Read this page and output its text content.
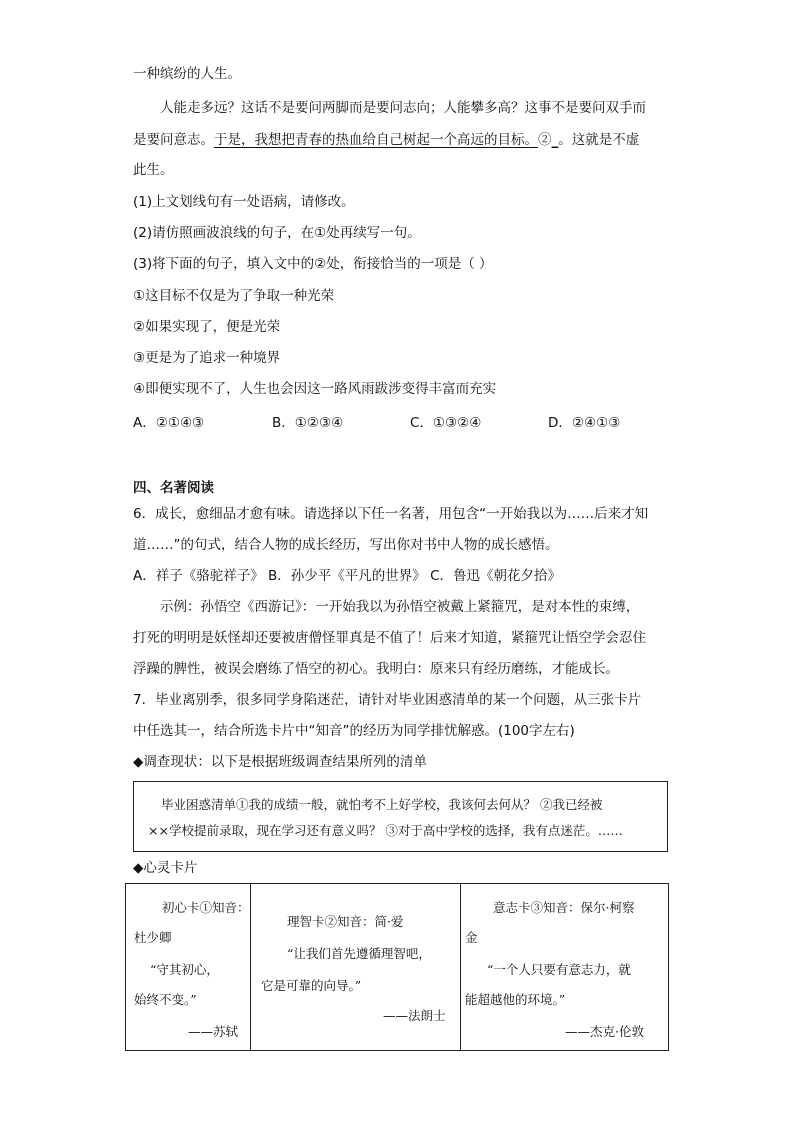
一种缤纷的人生。
人能走多远？这话不是要问两脚而是要问志向；人能攀多高？这事不是要问双手而
是要问意志。于是，我想把青春的热血给自己树起一个高远的目标。②_。这就是不虚
此生。
(1)上文划线句有一处语病，请修改。
(2)请仿照画波浪线的句子，在①处再续写一句。
(3)将下面的句子，填入文中的②处，衔接恰当的一项是（ ）
①这目标不仅是为了争取一种光荣
②如果实现了，便是光荣
③更是为了追求一种境界
④即便实现不了，人生也会因这一路风雨跋涉变得丰富而充实
A．②①④③	B．①②③④	C．①③②④	D．②④①③
四、名著阅读
6．成长，愈细品才愈有味。请选择以下任一名著，用包含“一开始我以为……后来才知
道……”的句式，结合人物的成长经历，写出你对书中人物的成长感悟。
A．祥子《骆驼祥子》 B．孙少平《平凡的世界》 C．鲁迅《朝花夕拾》
示例：孙悟空《西游记》：一开始我以为孙悟空被戴上紧箍咒，是对本性的束缚，
打死的明明是妖怪却还要被唐僧怪罪真是不值了！后来才知道，紧箍咒让悟空学会忍住
浮躁的脾性，被误会磨练了悟空的初心。我明白：原来只有经历磨练，才能成长。
7．毕业离别季，很多同学身陷迷茫，请针对毕业困惑清单的某一个问题，从三张卡片
中任选其一，结合所选卡片中“知音”的经历为同学排忧解惑。(100字左右)
◆调查现状：以下是根据班级调查结果所列的清单
毕业困惑清单①我的成绩一般，就怕考不上好学校，我该何去何从？ ②我已经被
××学校提前录取，现在学习还有意义吗？ ③对于高中学校的选择，我有点迷茫。……
◆心灵卡片
初心卡①知音：
杜少卿
“守其初心，
始终不变。”
——苏轼
理智卡②知音：简·爱
“让我们首先遵循理智吧，
它是可靠的向导。”
——法朗士
意志卡③知音：保尔·柯察
金
“一个人只要有意志力，就
能超越他的环境。”
——杰克·伦敦
